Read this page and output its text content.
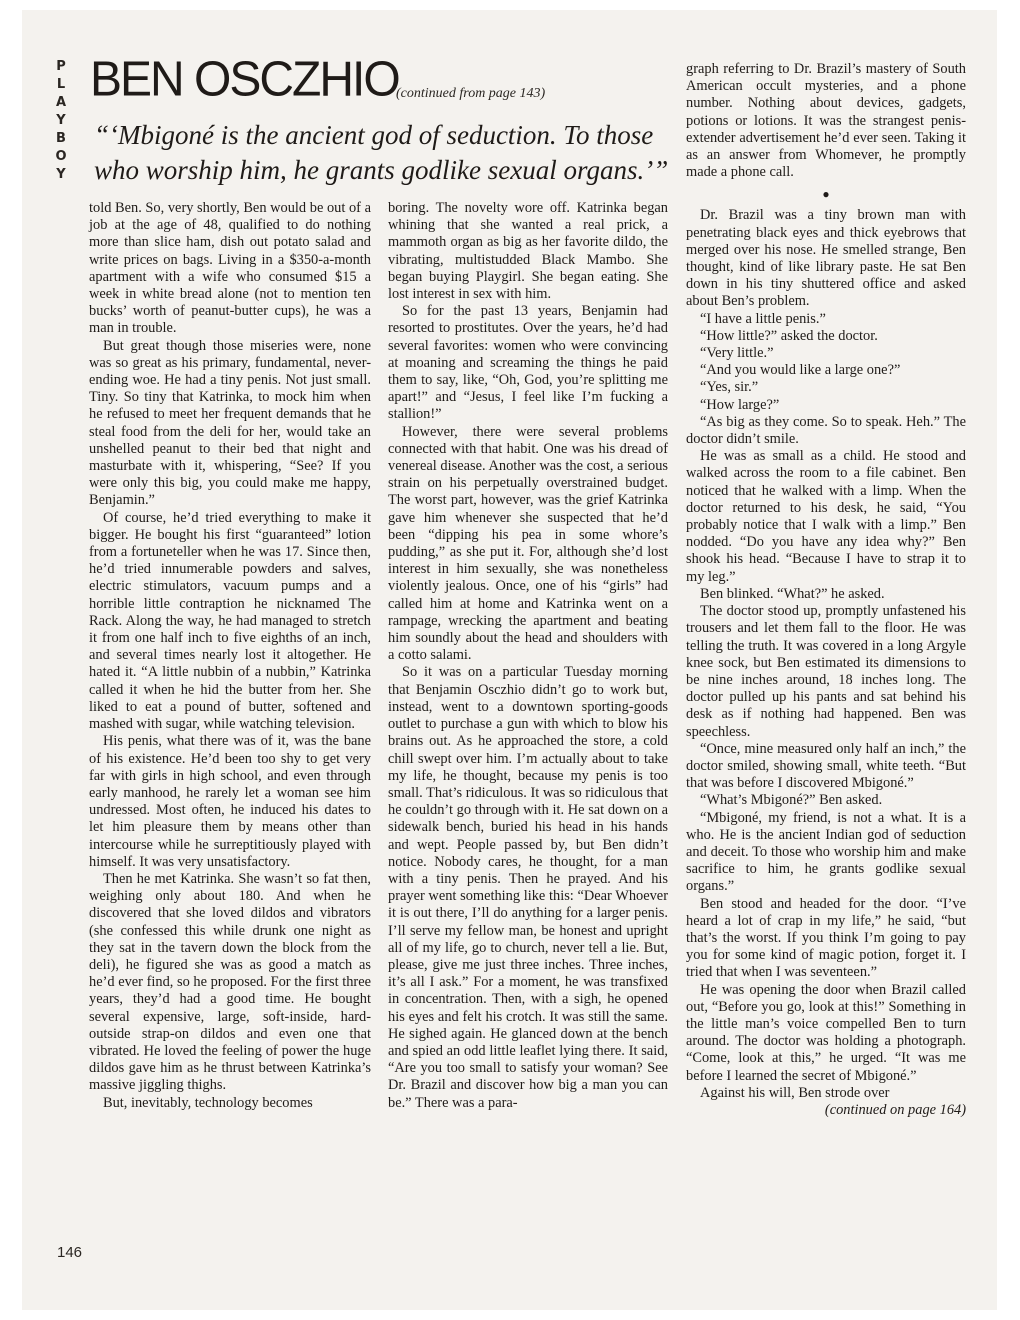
P
L
A
Y
B
O
Y
BEN OSCZHIO
(continued from page 143)
“‘Mbigoné is the ancient god of seduction. To those who worship him, he grants godlike sexual organs.’”

told Ben. So, very shortly, Ben would be out of a job at the age of 48, qualified to do nothing more than slice ham, dish out potato salad and write prices on bags. Living in a $350-a-month apartment with a wife who consumed $15 a week in white bread alone (not to mention ten bucks’ worth of peanut-butter cups), he was a man in trouble.

But great though those miseries were, none was so great as his primary, fundamental, never-ending woe. He had a tiny penis. Not just small. Tiny. So tiny that Katrinka, to mock him when he refused to meet her frequent demands that he steal food from the deli for her, would take an unshelled peanut to their bed that night and masturbate with it, whispering, “See? If you were only this big, you could make me happy, Benjamin.”

Of course, he’d tried everything to make it bigger. He bought his first “guaranteed” lotion from a fortuneteller when he was 17. Since then, he’d tried innumerable powders and salves, electric stimulators, vacuum pumps and a horrible little contraption he nicknamed The Rack. Along the way, he had managed to stretch it from one half inch to five eighths of an inch, and several times nearly lost it altogether. He hated it. “A little nubbin of a nubbin,” Katrinka called it when he hid the butter from her. She liked to eat a pound of butter, softened and mashed with sugar, while watching television.

His penis, what there was of it, was the bane of his existence. He’d been too shy to get very far with girls in high school, and even through early manhood, he rarely let a woman see him undressed. Most often, he induced his dates to let him pleasure them by means other than intercourse while he surreptitiously played with himself. It was very unsatisfactory.

Then he met Katrinka. She wasn’t so fat then, weighing only about 180. And when he discovered that she loved dildos and vibrators (she confessed this while drunk one night as they sat in the tavern down the block from the deli), he figured she was as good a match as he’d ever find, so he proposed. For the first three years, they’d had a good time. He bought several expensive, large, soft-inside, hard-outside strap-on dildos and even one that vibrated. He loved the feeling of power the huge dildos gave him as he thrust between Katrinka’s massive jiggling thighs.

But, inevitably, technology becomes

boring. The novelty wore off. Katrinka began whining that she wanted a real prick, a mammoth organ as big as her favorite dildo, the vibrating, multistudded Black Mambo. She began buying Playgirl. She began eating. She lost interest in sex with him.

So for the past 13 years, Benjamin had resorted to prostitutes. Over the years, he’d had several favorites: women who were convincing at moaning and screaming the things he paid them to say, like, “Oh, God, you’re splitting me apart!” and “Jesus, I feel like I’m fucking a stallion!”

However, there were several problems connected with that habit. One was his dread of venereal disease. Another was the cost, a serious strain on his perpetually overstrained budget. The worst part, however, was the grief Katrinka gave him whenever she suspected that he’d been “dipping his pea in some whore’s pudding,” as she put it. For, although she’d lost interest in him sexually, she was nonetheless violently jealous. Once, one of his “girls” had called him at home and Katrinka went on a rampage, wrecking the apartment and beating him soundly about the head and shoulders with a cotto salami.

So it was on a particular Tuesday morning that Benjamin Osczhio didn’t go to work but, instead, went to a downtown sporting-goods outlet to purchase a gun with which to blow his brains out. As he approached the store, a cold chill swept over him. I’m actually about to take my life, he thought, because my penis is too small. That’s ridiculous. It was so ridiculous that he couldn’t go through with it. He sat down on a sidewalk bench, buried his head in his hands and wept. People passed by, but Ben didn’t notice. Nobody cares, he thought, for a man with a tiny penis. Then he prayed. And his prayer went something like this: “Dear Whoever it is out there, I’ll do anything for a larger penis. I’ll serve my fellow man, be honest and upright all of my life, go to church, never tell a lie. But, please, give me just three inches. Three inches, it’s all I ask.” For a moment, he was transfixed in concentration. Then, with a sigh, he opened his eyes and felt his crotch. It was still the same. He sighed again. He glanced down at the bench and spied an odd little leaflet lying there. It said, “Are you too small to satisfy your woman? See Dr. Brazil and discover how big a man you can be.” There was a para-

graph referring to Dr. Brazil’s mastery of South American occult mysteries, and a phone number. Nothing about devices, gadgets, potions or lotions. It was the strangest penis-extender advertisement he’d ever seen. Taking it as an answer from Whomever, he promptly made a phone call.

●

Dr. Brazil was a tiny brown man with penetrating black eyes and thick eyebrows that merged over his nose. He smelled strange, Ben thought, kind of like library paste. He sat Ben down in his tiny shuttered office and asked about Ben’s problem.

“I have a little penis.”

“How little?” asked the doctor.

“Very little.”

“And you would like a large one?”

“Yes, sir.”

“How large?”

“As big as they come. So to speak. Heh.” The doctor didn’t smile.

He was as small as a child. He stood and walked across the room to a file cabinet. Ben noticed that he walked with a limp. When the doctor returned to his desk, he said, “You probably notice that I walk with a limp.” Ben nodded. “Do you have any idea why?” Ben shook his head. “Because I have to strap it to my leg.”

Ben blinked. “What?” he asked.

The doctor stood up, promptly unfastened his trousers and let them fall to the floor. He was telling the truth. It was covered in a long Argyle knee sock, but Ben estimated its dimensions to be nine inches around, 18 inches long. The doctor pulled up his pants and sat behind his desk as if nothing had happened. Ben was speechless.

“Once, mine measured only half an inch,” the doctor smiled, showing small, white teeth. “But that was before I discovered Mbigoné.”

“What’s Mbigoné?” Ben asked.

“Mbigoné, my friend, is not a what. It is a who. He is the ancient Indian god of seduction and deceit. To those who worship him and make sacrifice to him, he grants godlike sexual organs.”

Ben stood and headed for the door. “I’ve heard a lot of crap in my life,” he said, “but that’s the worst. If you think I’m going to pay you for some kind of magic potion, forget it. I tried that when I was seventeen.”

He was opening the door when Brazil called out, “Before you go, look at this!” Something in the little man’s voice compelled Ben to turn around. The doctor was holding a photograph. “Come, look at this,” he urged. “It was me before I learned the secret of Mbigoné.”

Against his will, Ben strode over

(continued on page 164)

146
